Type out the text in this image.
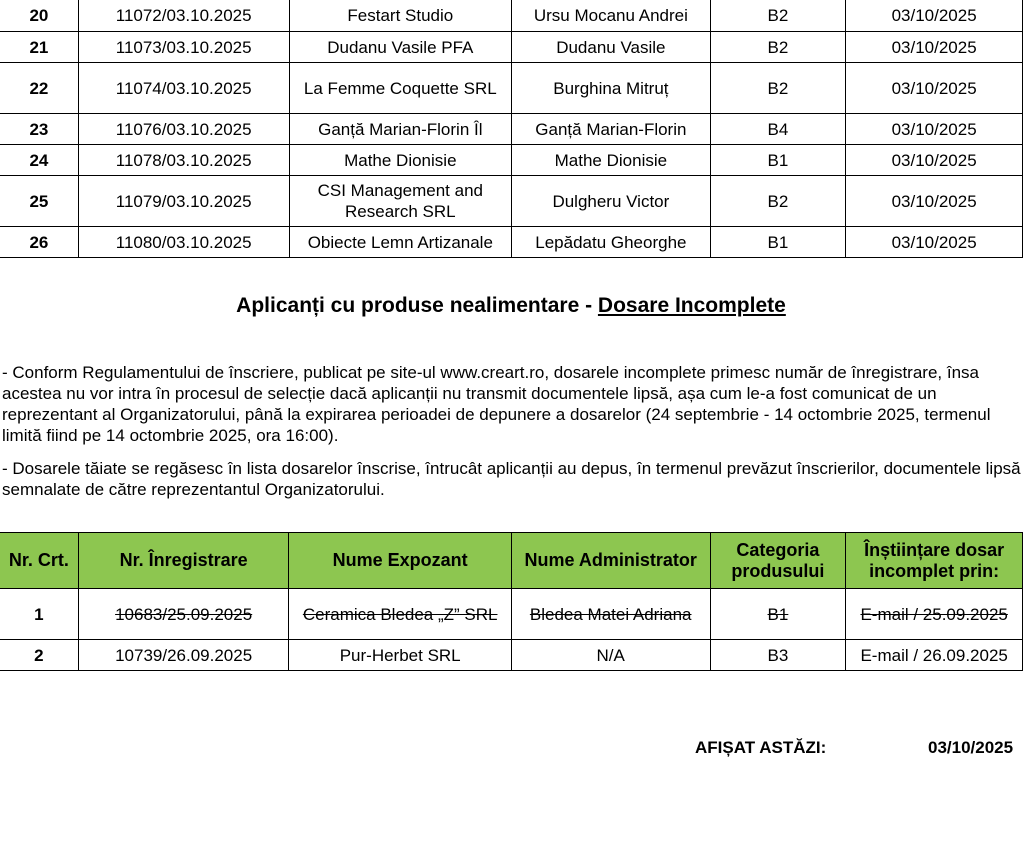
20	11072/03.10.2025	Festart Studio	Ursu Mocanu Andrei	B2	03/10/2025
21	11073/03.10.2025	Dudanu Vasile PFA	Dudanu Vasile	B2	03/10/2025
22	11074/03.10.2025	La Femme Coquette SRL	Burghina Mitruț	B2	03/10/2025
23	11076/03.10.2025	Ganță Marian-Florin Îl	Ganță Marian-Florin	B4	03/10/2025
24	11078/03.10.2025	Mathe Dionisie	Mathe Dionisie	B1	03/10/2025
25	11079/03.10.2025	CSI Management and Research SRL	Dulgheru Victor	B2	03/10/2025
26	11080/03.10.2025	Obiecte Lemn Artizanale	Lepădatu Gheorghe	B1	03/10/2025
Aplicanți cu produse nealimentare - Dosare Incomplete

- Conform Regulamentului de înscriere, publicat pe site-ul www.creart.ro, dosarele incomplete primesc număr de înregistrare, însa acestea nu vor intra în procesul de selecție dacă aplicanții nu transmit documentele lipsă, așa cum le-a fost comunicat de un reprezentant al Organizatorului, până la expirarea perioadei de depunere a dosarelor (24 septembrie - 14 octombrie 2025, termenul limită fiind pe 14 octombrie 2025, ora 16:00).

- Dosarele tăiate se regăsesc în lista dosarelor înscrise, întrucât aplicanții au depus, în termenul prevăzut înscrierilor, documentele lipsă semnalate de către reprezentantul Organizatorului.

Nr. Crt.	Nr. Înregistrare	Nume Expozant	Nume Administrator	Categoria produsului	Înștiințare dosar incomplet prin:
1	10683/25.09.2025	Ceramica Bledea „Z” SRL	Bledea Matei Adriana	B1	E-mail / 25.09.2025
2	10739/26.09.2025	Pur-Herbet SRL	N/A	B3	E-mail / 26.09.2025
AFIȘAT ASTĂZI:	03/10/2025
